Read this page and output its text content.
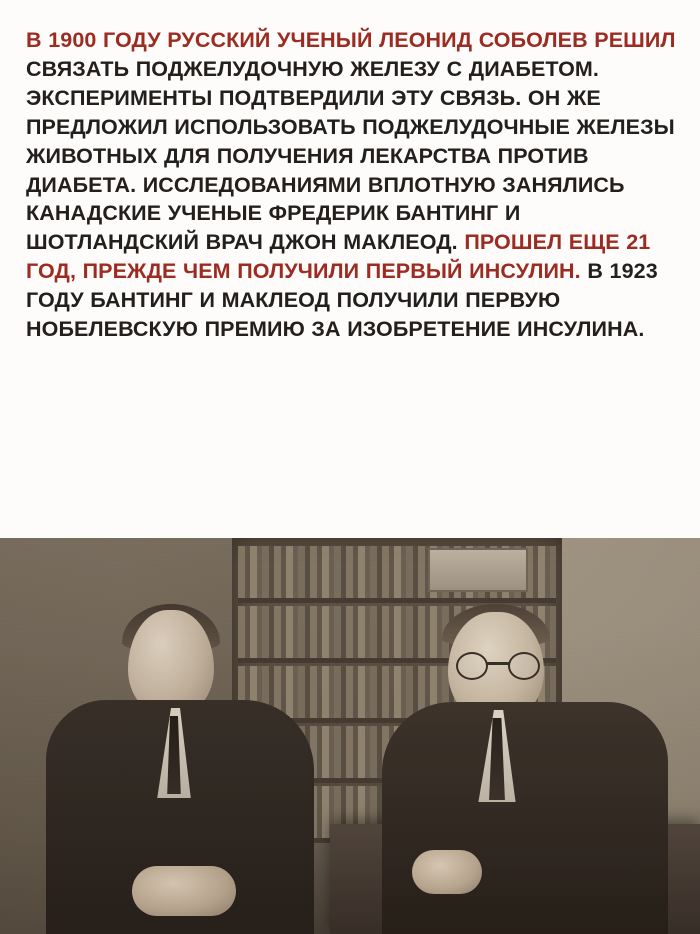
В 1900 ГОДУ РУССКИЙ УЧЕНЫЙ ЛЕОНИД СОБОЛЕВ РЕШИЛ СВЯЗАТЬ ПОДЖЕЛУДОЧНУЮ ЖЕЛЕЗУ С ДИАБЕТОМ. ЭКСПЕРИМЕНТЫ ПОДТВЕРДИЛИ ЭТУ СВЯЗЬ. ОН ЖЕ ПРЕДЛОЖИЛ ИСПОЛЬЗОВАТЬ ПОДЖЕЛУДОЧНЫЕ ЖЕЛЕЗЫ ЖИВОТНЫХ ДЛЯ ПОЛУЧЕНИЯ ЛЕКАРСТВА ПРОТИВ ДИАБЕТА. ИССЛЕДОВАНИЯМИ ВПЛОТНУЮ ЗАНЯЛИСЬ КАНАДСКИЕ УЧЕНЫЕ ФРЕДЕРИК БАНТИНГ И ШОТЛАНДСКИЙ ВРАЧ ДЖОН МАКЛЕОД. ПРОШЕЛ ЕЩЕ 21 ГОД, ПРЕЖДЕ ЧЕМ ПОЛУЧИЛИ ПЕРВЫЙ ИНСУЛИН. В 1923 ГОДУ БАНТИНГ И МАКЛЕОД ПОЛУЧИЛИ ПЕРВУЮ НОБЕЛЕВСКУЮ ПРЕМИЮ ЗА ИЗОБРЕТЕНИЕ ИНСУЛИНА.
